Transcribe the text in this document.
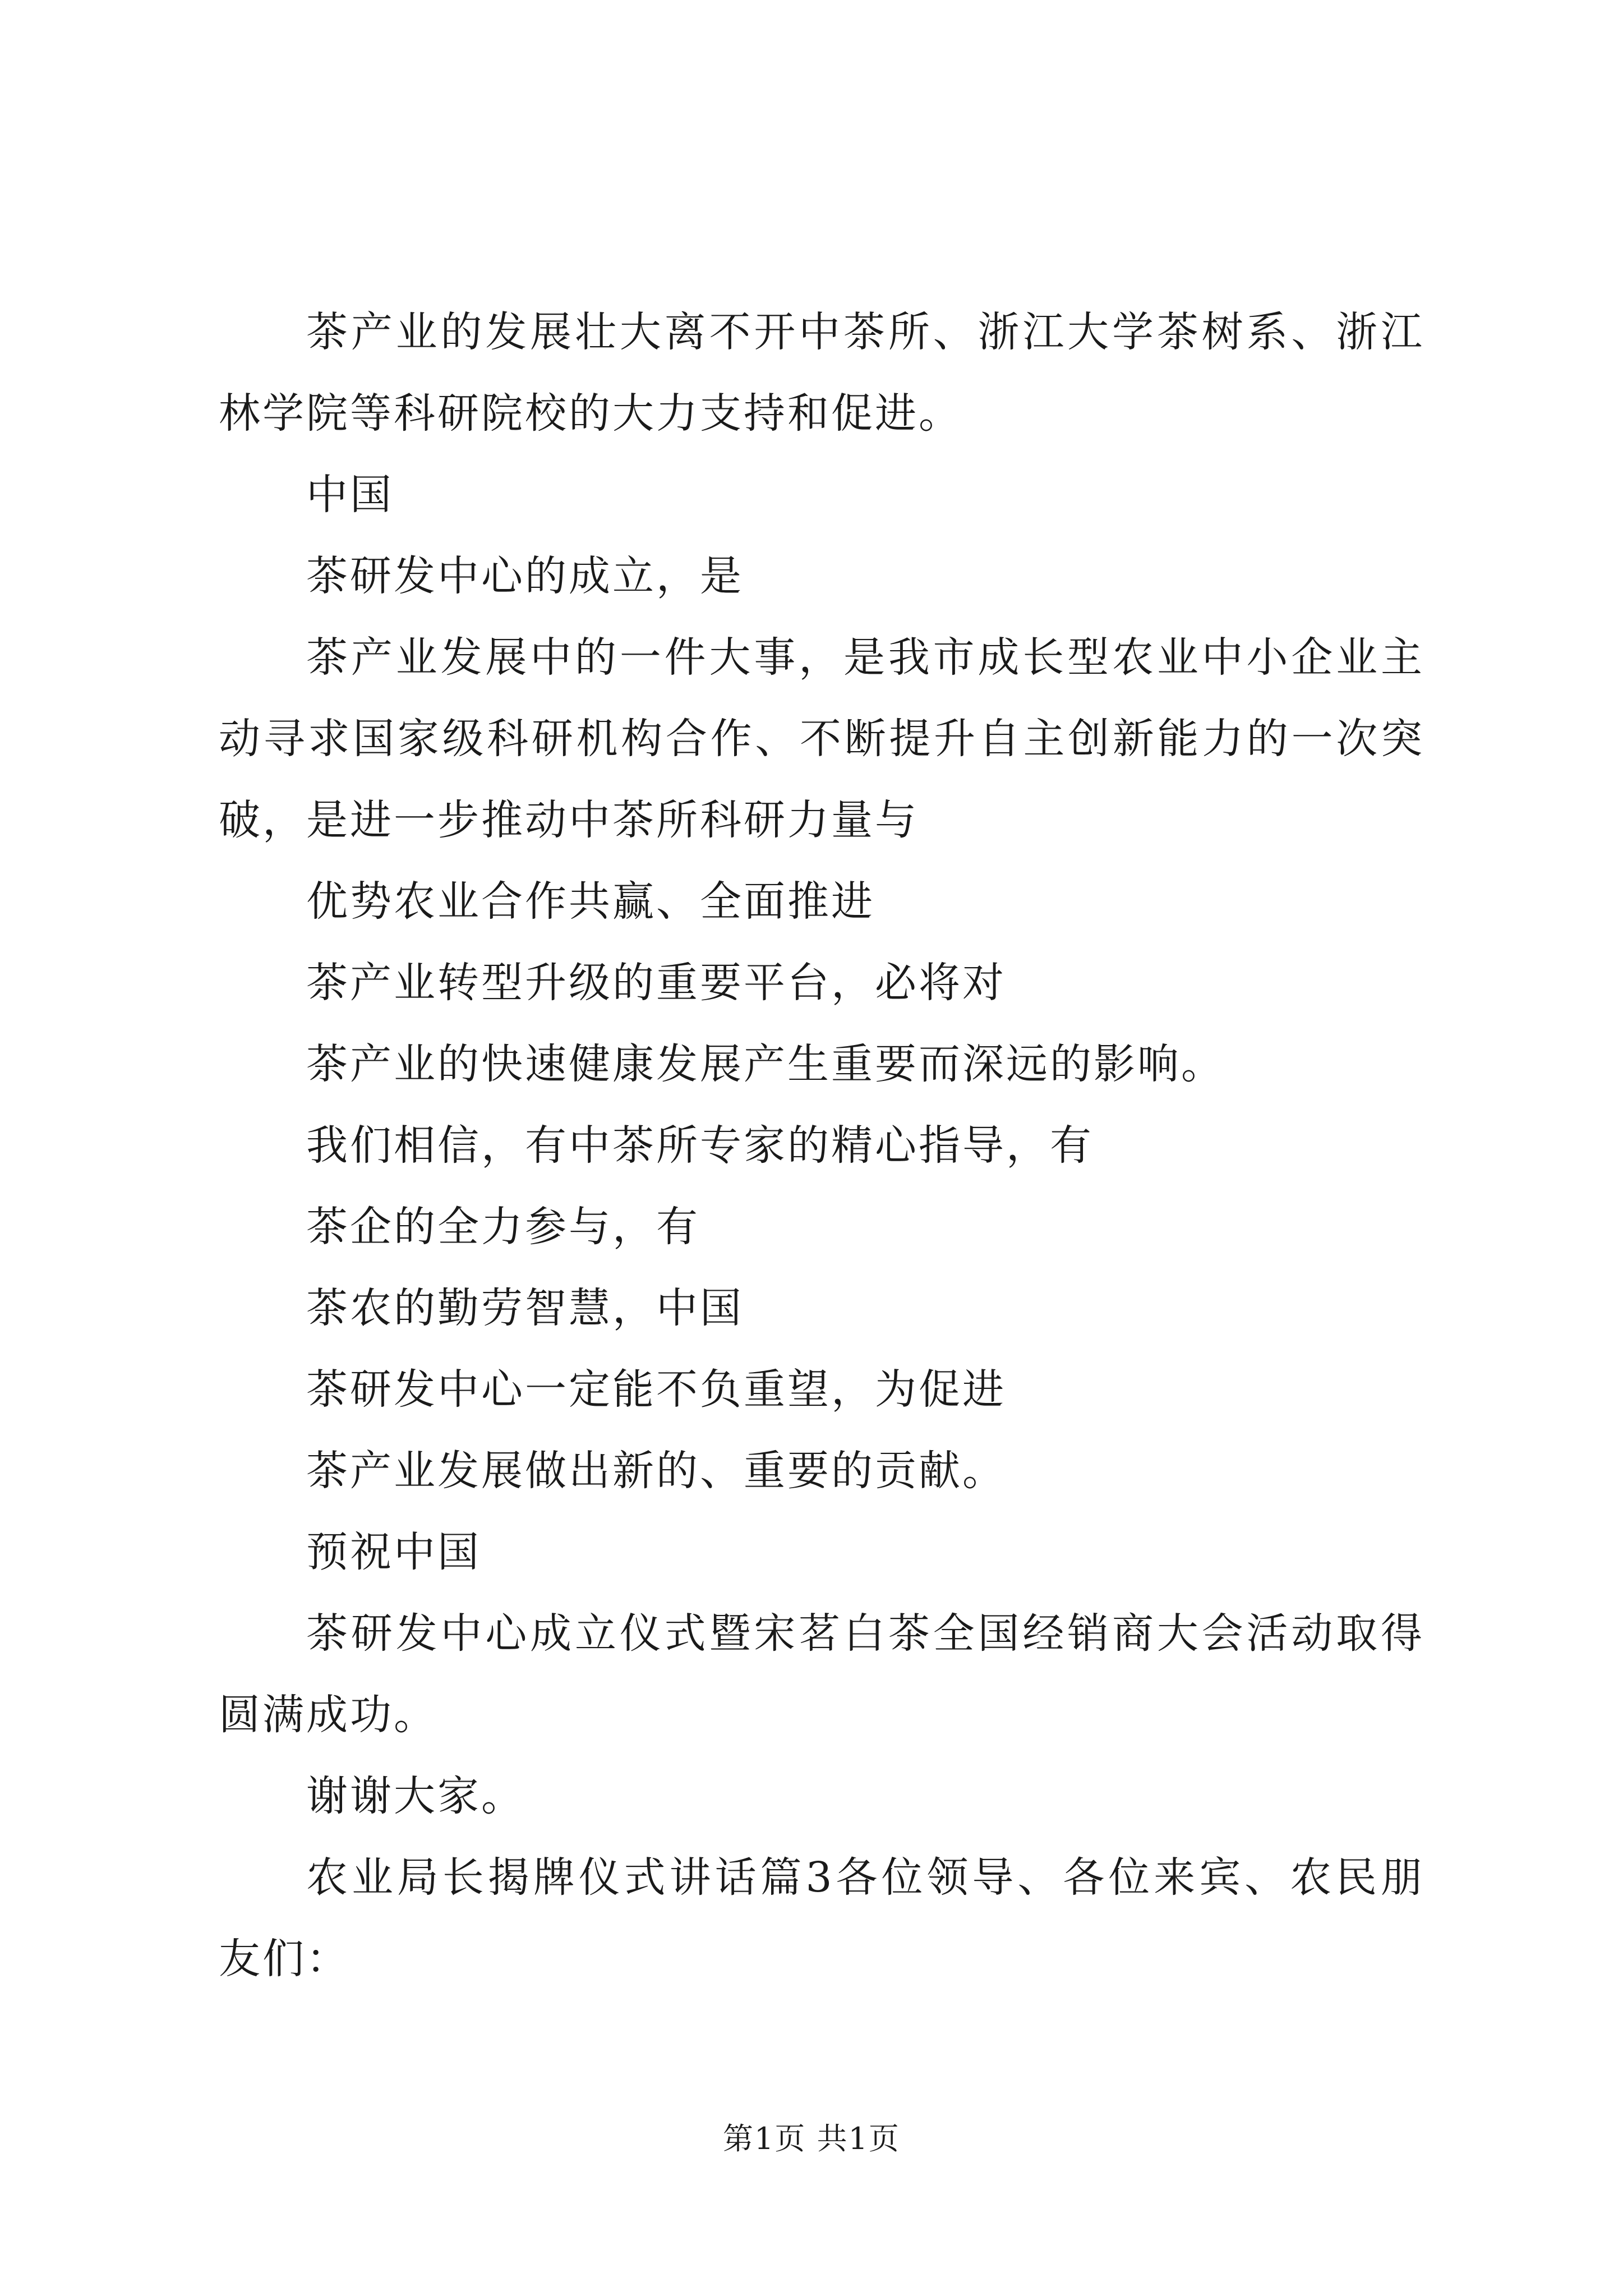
茶产业的发展壮大离不开中茶所、浙江大学茶树系、浙江林学院等科研院校的大力支持和促进。

中国

茶研发中心的成立，是

茶产业发展中的一件大事，是我市成长型农业中小企业主动寻求国家级科研机构合作、不断提升自主创新能力的一次突破，是进一步推动中茶所科研力量与

优势农业合作共赢、全面推进

茶产业转型升级的重要平台，必将对

茶产业的快速健康发展产生重要而深远的影响。

我们相信，有中茶所专家的精心指导，有

茶企的全力参与，有

茶农的勤劳智慧，中国

茶研发中心一定能不负重望，为促进

茶产业发展做出新的、重要的贡献。

预祝中国

茶研发中心成立仪式暨宋茗白茶全国经销商大会活动取得圆满成功。

谢谢大家。

农业局长揭牌仪式讲话篇3各位领导、各位来宾、农民朋友们：

第1页 共1页
